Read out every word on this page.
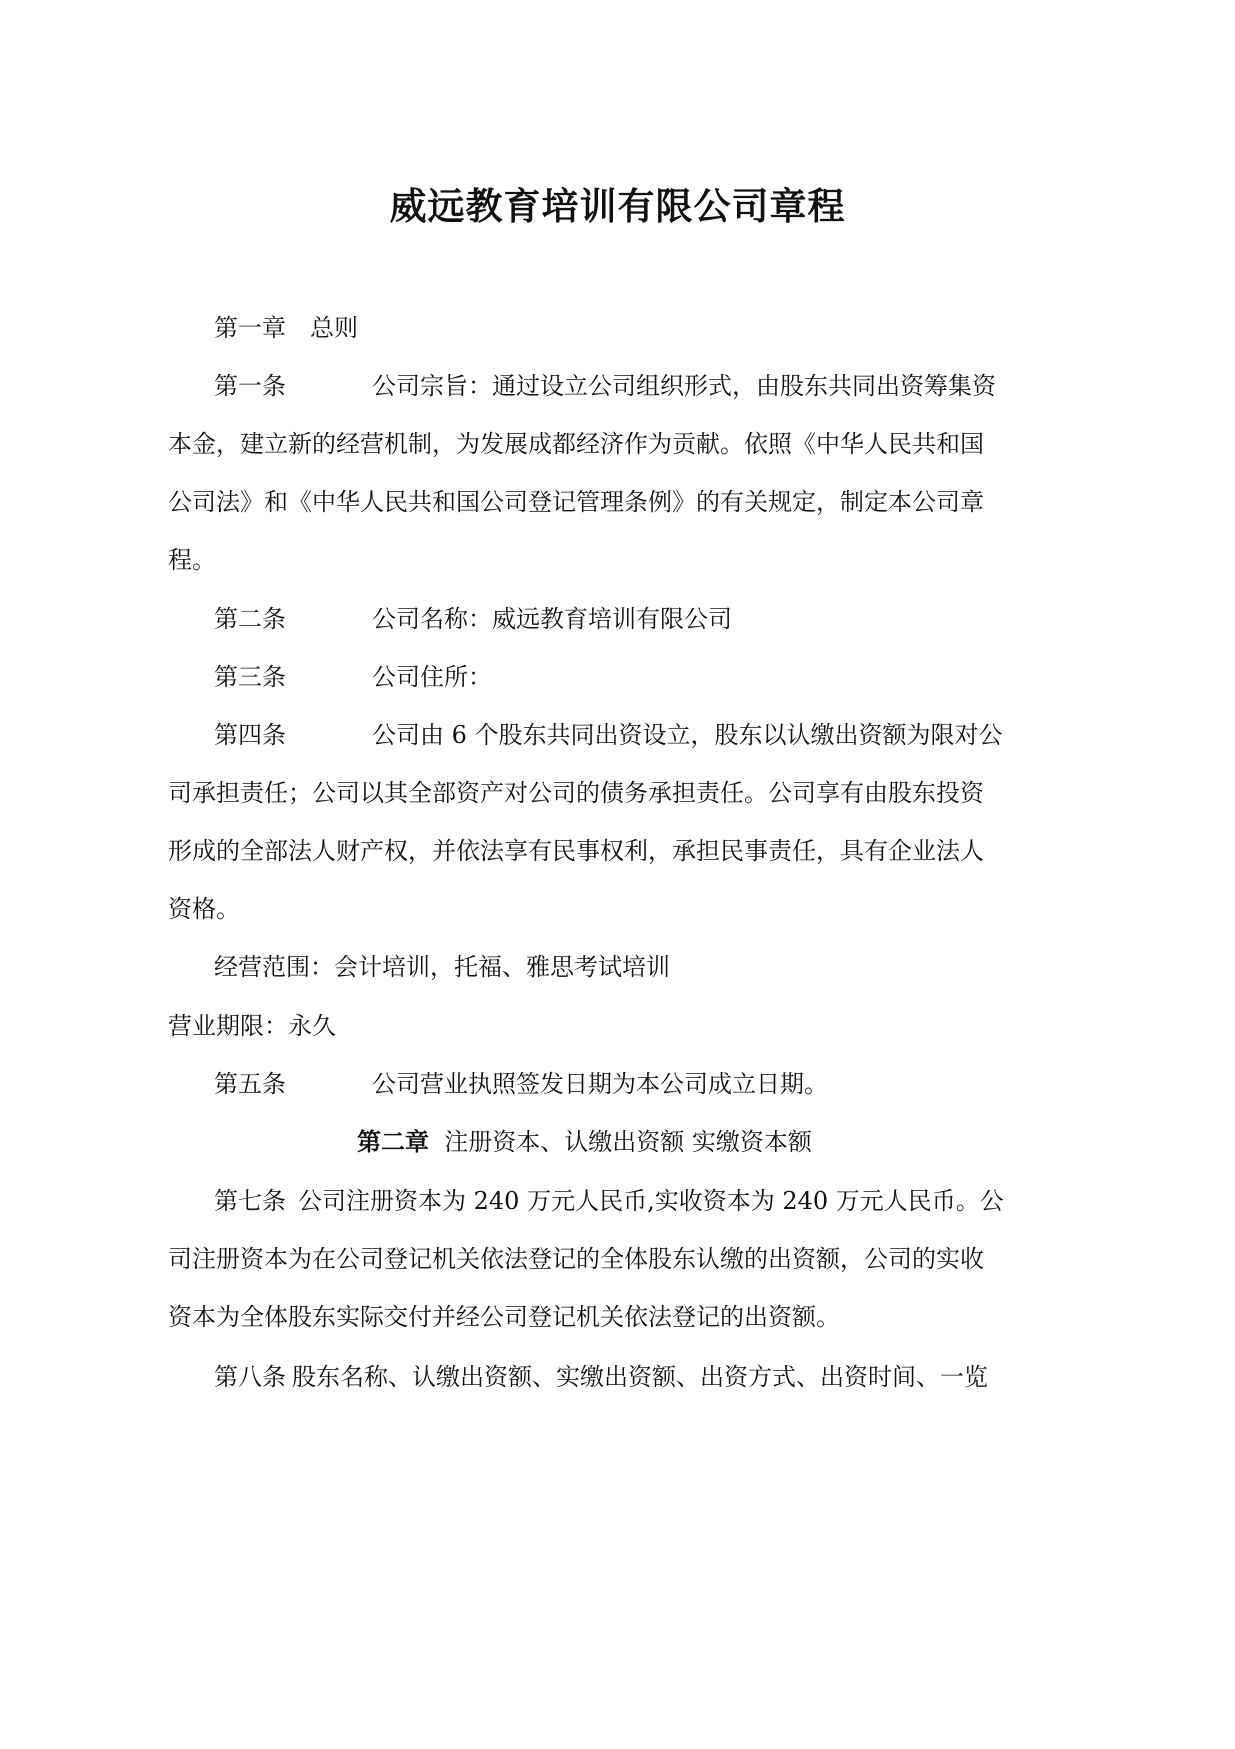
威远教育培训有限公司章程
第一章　总则
第一条	公司宗旨：通过设立公司组织形式，由股东共同出资筹集资
本金，建立新的经营机制，为发展成都经济作为贡献。依照《中华人民共和国
公司法》和《中华人民共和国公司登记管理条例》的有关规定，制定本公司章
程。
第二条	公司名称：威远教育培训有限公司
第三条	公司住所：
第四条	公司由 6 个股东共同出资设立，股东以认缴出资额为限对公
司承担责任；公司以其全部资产对公司的债务承担责任。公司享有由股东投资
形成的全部法人财产权，并依法享有民事权利，承担民事责任，具有企业法人
资格。
经营范围：会计培训，托福、雅思考试培训
营业期限：永久
第五条	公司营业执照签发日期为本公司成立日期。
第二章 注册资本、认缴出资额 实缴资本额
第七条 公司注册资本为 240 万元人民币,实收资本为 240 万元人民币。公
司注册资本为在公司登记机关依法登记的全体股东认缴的出资额，公司的实收
资本为全体股东实际交付并经公司登记机关依法登记的出资额。
第八条 股东名称、认缴出资额、实缴出资额、出资方式、出资时间、一览
